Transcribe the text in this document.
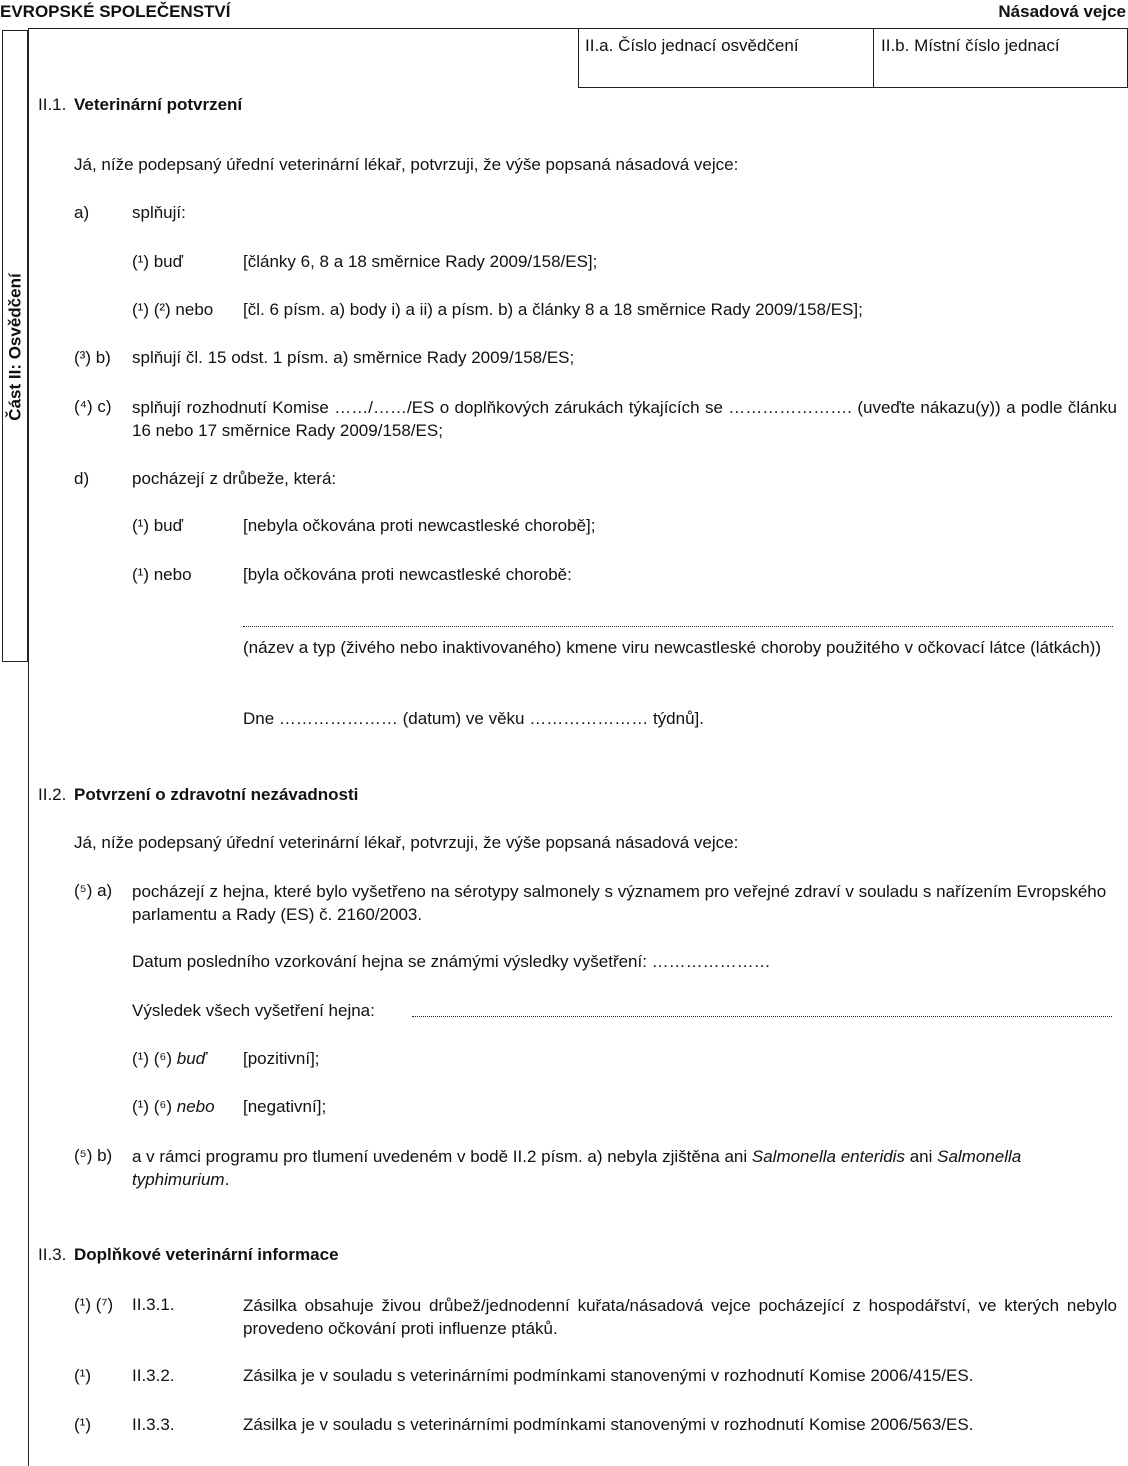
EVROPSKÉ SPOLEČENSTVÍ	Násadová vejce
II.a. Číslo jednací osvědčení	II.b. Místní číslo jednací
Část II: Osvědčení
II.1. Veterinární potvrzení
Já, níže podepsaný úřední veterinární lékař, potvrzuji, že výše popsaná násadová vejce:
a)	splňují:
(¹) buď	[články 6, 8 a 18 směrnice Rady 2009/158/ES];
(¹) (²) nebo [čl. 6 písm. a) body i) a ii) a písm. b) a články 8 a 18 směrnice Rady 2009/158/ES];
(³) b) splňují čl. 15 odst. 1 písm. a) směrnice Rady 2009/158/ES;
(⁴) c) splňují rozhodnutí Komise ……/……/ES o doplňkových zárukách týkajících se …………………. (uveďte nákazu(y)) a podle článku 16 nebo 17 směrnice Rady 2009/158/ES;
d)	pocházejí z drůbeže, která:
(¹) buď	[nebyla očkována proti newcastleské chorobě];
(¹) nebo	[byla očkována proti newcastleské chorobě:
(název a typ (živého nebo inaktivovaného) kmene viru newcastleské choroby použitého v očkovací látce (látkách))
Dne ………………… (datum) ve věku ………………… týdnů].
II.2. Potvrzení o zdravotní nezávadnosti
Já, níže podepsaný úřední veterinární lékař, potvrzuji, že výše popsaná násadová vejce:
(⁵) a) pocházejí z hejna, které bylo vyšetřeno na sérotypy salmonely s významem pro veřejné zdraví v souladu s nařízením Evropského parlamentu a Rady (ES) č. 2160/2003.
Datum posledního vzorkování hejna se známými výsledky vyšetření: …………………
Výsledek všech vyšetření hejna:
(¹) (⁶) buď [pozitivní];
(¹) (⁶) nebo [negativní];
(⁵) b) a v rámci programu pro tlumení uvedeném v bodě II.2 písm. a) nebyla zjištěna ani Salmonella enteridis ani Salmonella typhimurium.
II.3. Doplňkové veterinární informace
(¹) (⁷) II.3.1.	Zásilka obsahuje živou drůbež/jednodenní kuřata/násadová vejce pocházející z hospodářství, ve kterých nebylo provedeno očkování proti influenze ptáků.
(¹) II.3.2.	Zásilka je v souladu s veterinárními podmínkami stanovenými v rozhodnutí Komise 2006/415/ES.
(¹) II.3.3.	Zásilka je v souladu s veterinárními podmínkami stanovenými v rozhodnutí Komise 2006/563/ES.
